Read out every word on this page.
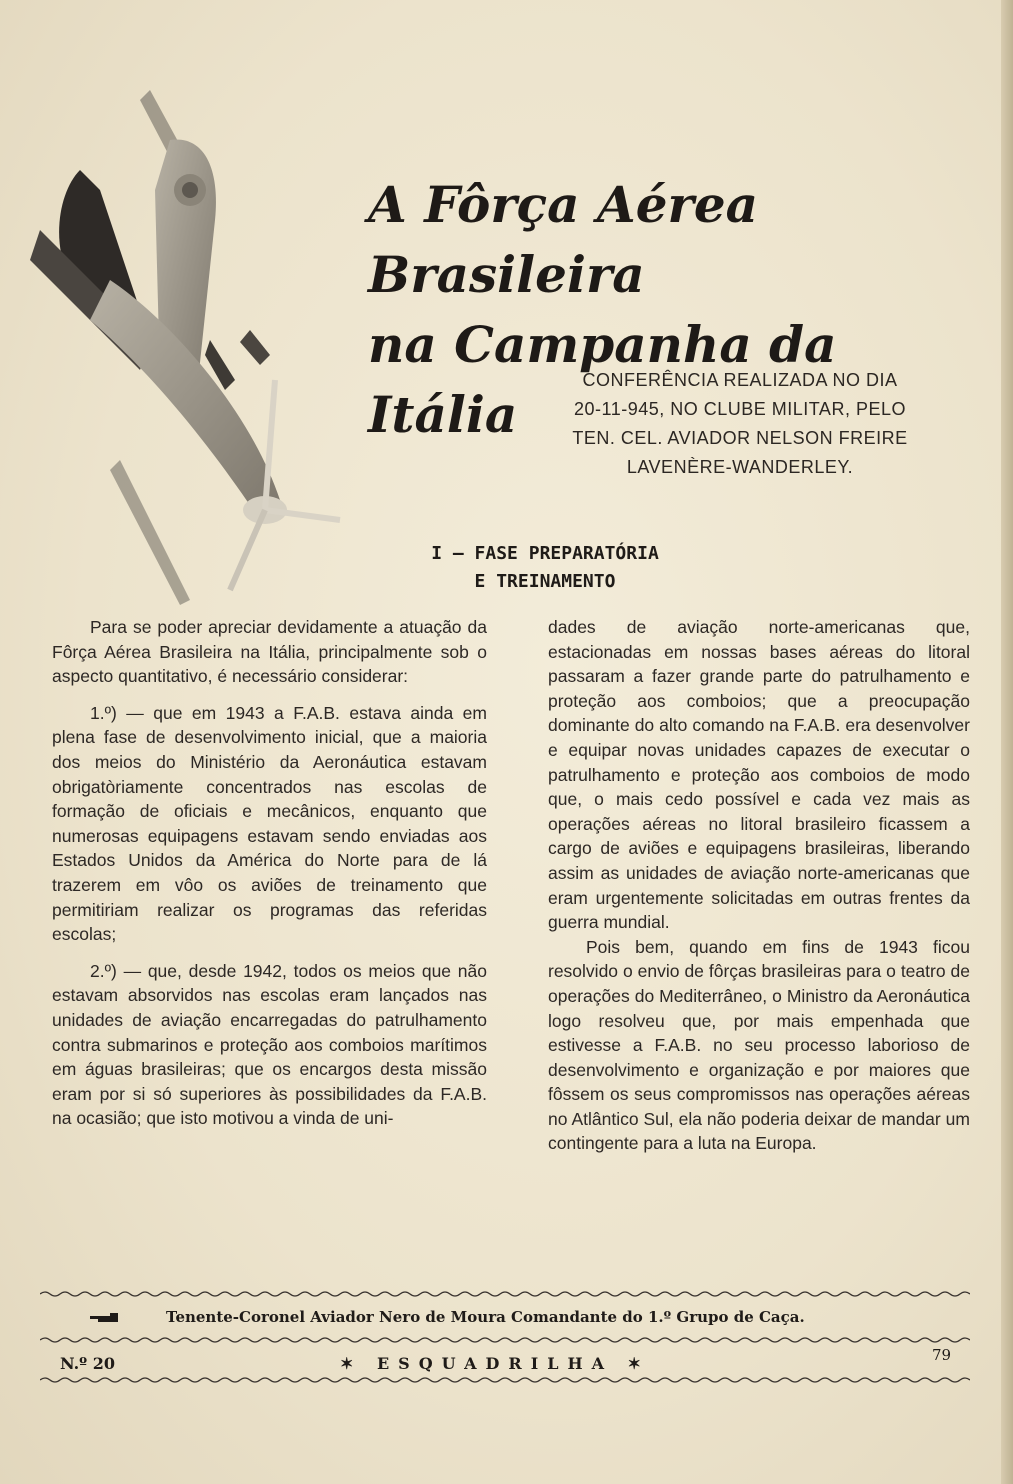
A Fôrça Aérea Brasileira
na Campanha da Itália
CONFERÊNCIA REALIZADA NO DIA
20-11-945, NO CLUBE MILITAR, PELO
TEN. CEL. AVIADOR NELSON FREIRE
LAVENÈRE-WANDERLEY.
I — FASE PREPARATÓRIA
E TREINAMENTO

Para se poder apreciar devidamente a atuação da Fôrça Aérea Brasileira na Itália, principalmente sob o aspecto quantitativo, é necessário considerar:

1.º) — que em 1943 a F.A.B. estava ainda em plena fase de desenvolvimento inicial, que a maioria dos meios do Ministério da Aeronáutica estavam obrigatòriamente concentrados nas escolas de formação de oficiais e mecânicos, enquanto que numerosas equipagens estavam sendo enviadas aos Estados Unidos da América do Norte para de lá trazerem em vôo os aviões de treinamento que permitiriam realizar os programas das referidas escolas;

2.º) — que, desde 1942, todos os meios que não estavam absorvidos nas escolas eram lançados nas unidades de aviação encarregadas do patrulhamento contra submarinos e proteção aos comboios marítimos em águas brasileiras; que os encargos desta missão eram por si só superiores às possibilidades da F.A.B. na ocasião; que isto motivou a vinda de uni-

dades de aviação norte-americanas que, estacionadas em nossas bases aéreas do litoral passaram a fazer grande parte do patrulhamento e proteção aos comboios; que a preocupação dominante do alto comando na F.A.B. era desenvolver e equipar novas unidades capazes de executar o patrulhamento e proteção aos comboios de modo que, o mais cedo possível e cada vez mais as operações aéreas no litoral brasileiro ficassem a cargo de aviões e equipagens brasileiras, liberando assim as unidades de aviação norte-americanas que eram urgentemente solicitadas em outras frentes da guerra mundial.

Pois bem, quando em fins de 1943 ficou resolvido o envio de fôrças brasileiras para o teatro de operações do Mediterrâneo, o Ministro da Aeronáutica logo resolveu que, por mais empenhada que estivesse a F.A.B. no seu processo laborioso de desenvolvimento e organização e por maiores que fôssem os seus compromissos nas operações aéreas no Atlântico Sul, ela não poderia deixar de mandar um contingente para a luta na Europa.

Tenente-Coronel Aviador Nero de Moura Comandante do 1.º Grupo de Caça.
N.º 20	✶ ESQUADRILHA ✶	79
